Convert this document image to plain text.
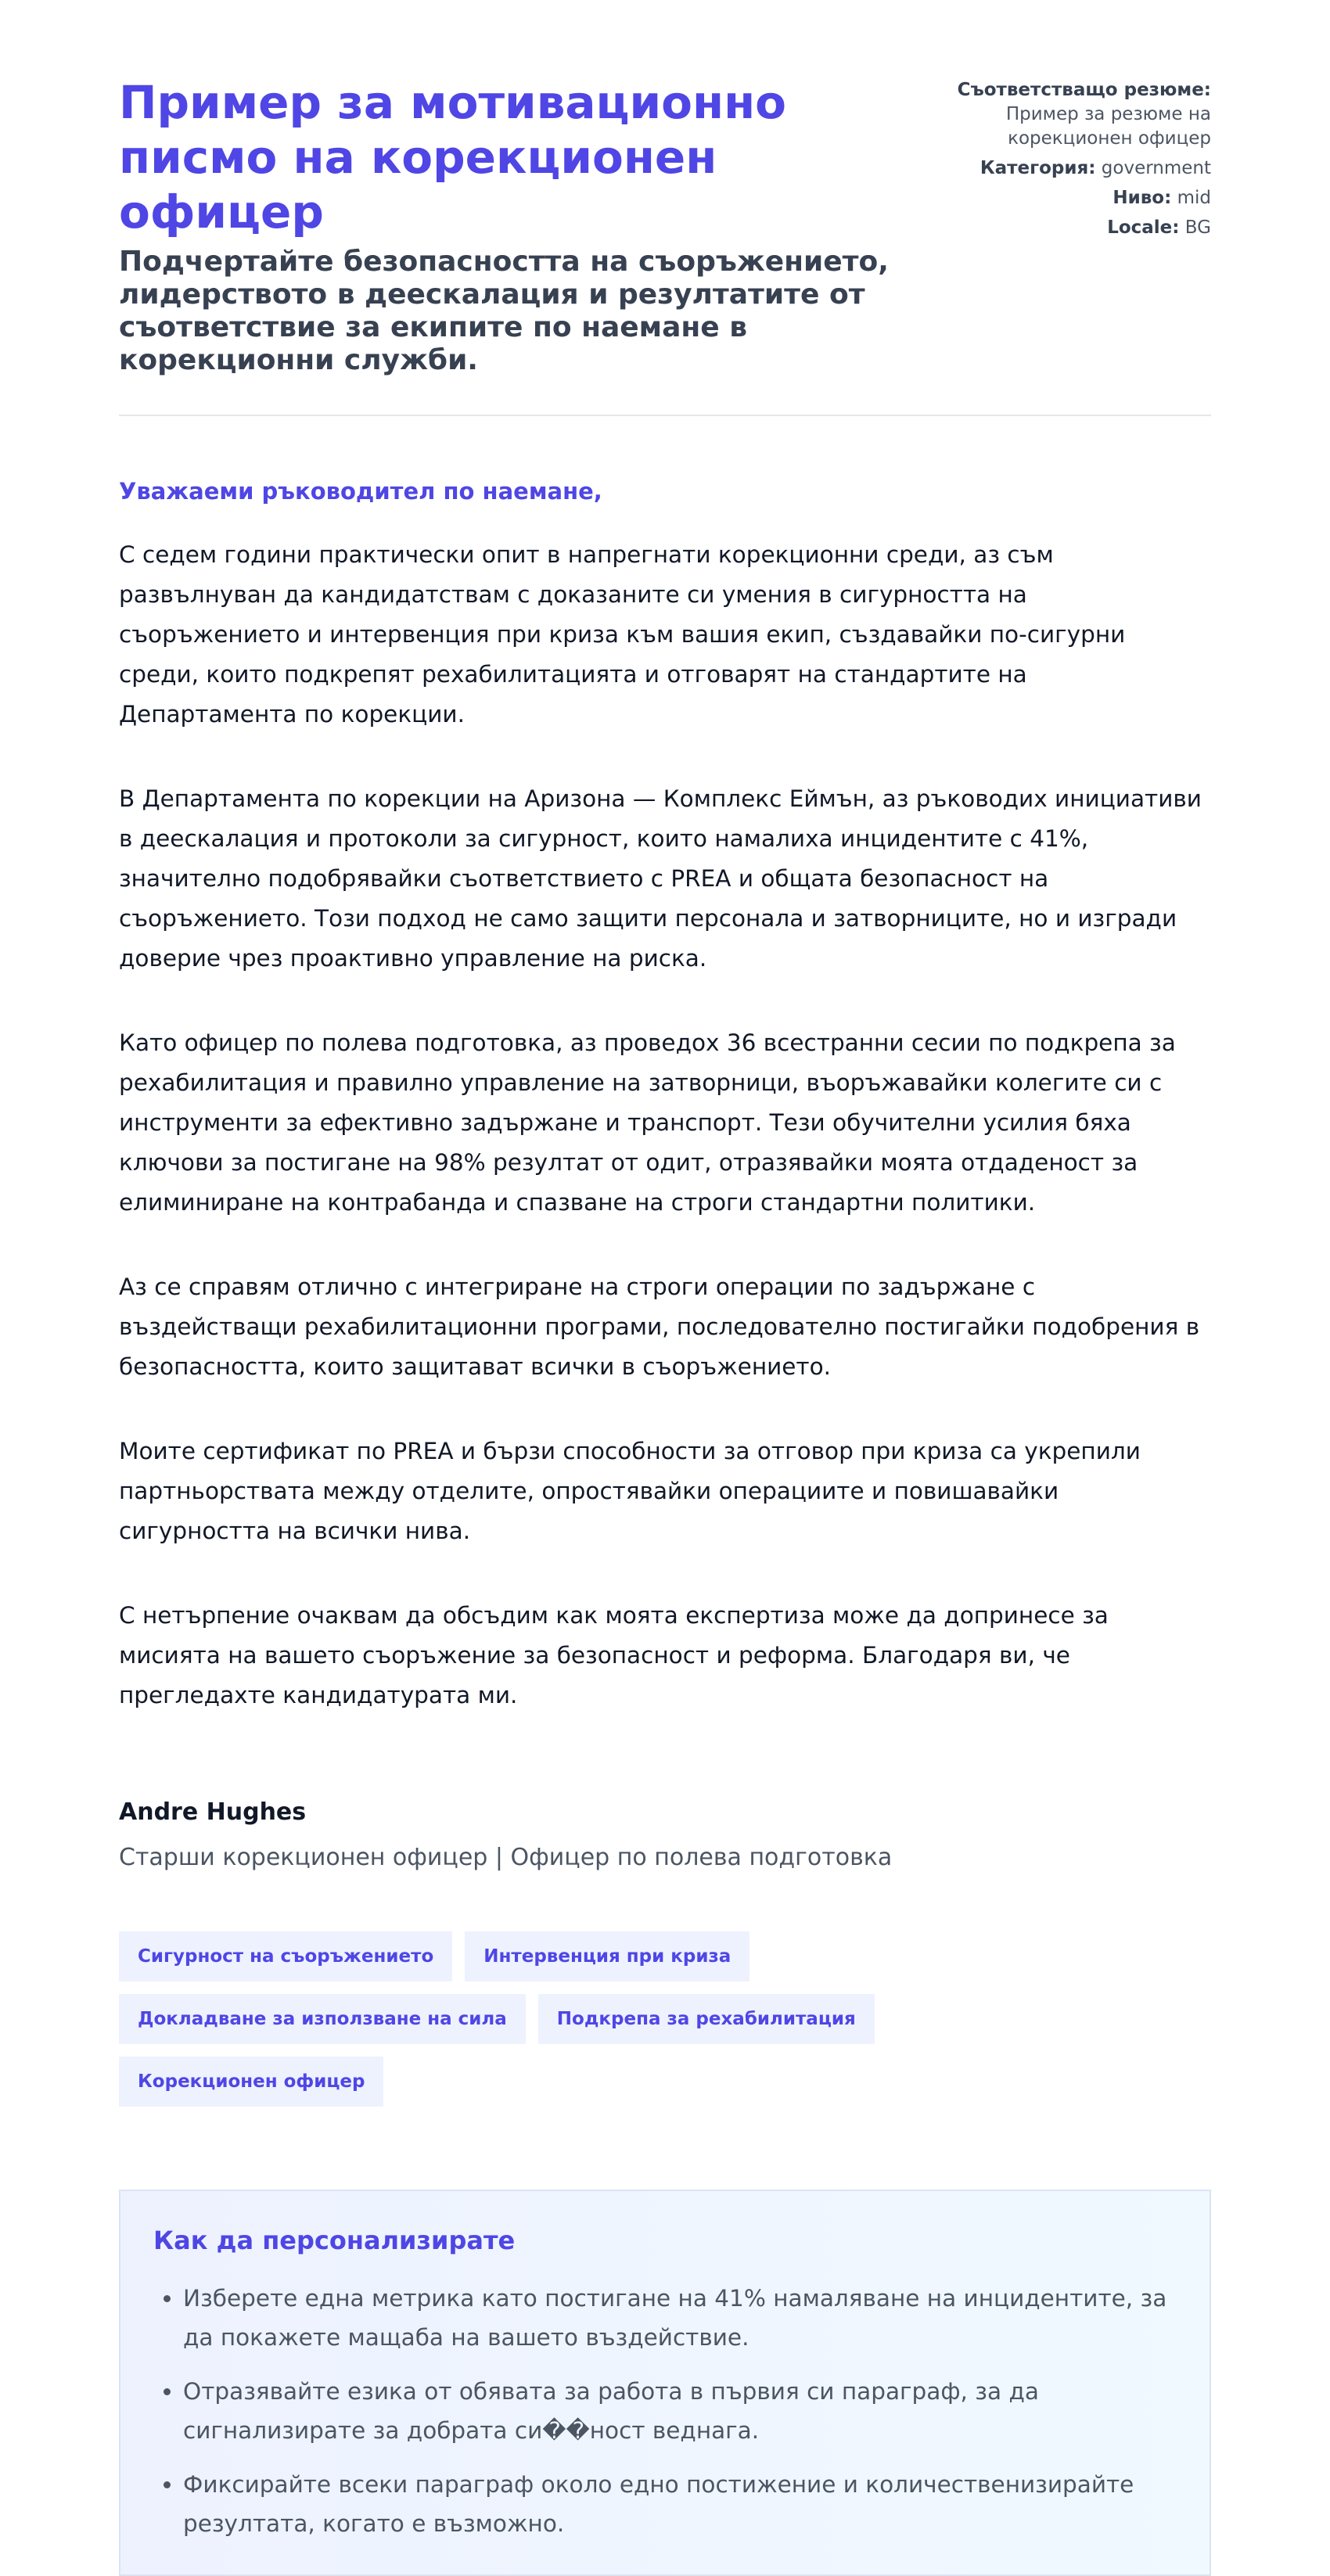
Пример за мотивационно писмо на корекционен офицер
Подчертайте безопасността на съоръжението, лидерството в деескалация и резултатите от съответствие за екипите по наемане в корекционни служби.
Съответстващо резюме:
Пример за резюме на корекционен офицер
Категория: government
Ниво: mid
Locale: BG

Уважаеми ръководител по наемане,

С седем години практически опит в напрегнати корекционни среди, аз съм развълнуван да кандидатствам с доказаните си умения в сигурността на съоръжението и интервенция при криза към вашия екип, създавайки по-сигурни среди, които подкрепят рехабилитацията и отговарят на стандартите на Департамента по корекции.

В Департамента по корекции на Аризона — Комплекс Еймън, аз ръководих инициативи в деескалация и протоколи за сигурност, които намалиха инцидентите с 41%, значително подобрявайки съответствието с PREA и общата безопасност на съоръжението. Този подход не само защити персонала и затворниците, но и изгради доверие чрез проактивно управление на риска.

Като офицер по полева подготовка, аз проведох 36 всестранни сесии по подкрепа за рехабилитация и правилно управление на затворници, въоръжавайки колегите си с инструменти за ефективно задържане и транспорт. Тези обучителни усилия бяха ключови за постигане на 98% резултат от одит, отразявайки моята отдаденост за елиминиране на контрабанда и спазване на строги стандартни политики.

Аз се справям отлично с интегриране на строги операции по задържане с въздействащи рехабилитационни програми, последователно постигайки подобрения в безопасността, които защитават всички в съоръжението.

Моите сертификат по PREA и бързи способности за отговор при криза са укрепили партньорствата между отделите, опростявайки операциите и повишавайки сигурността на всички нива.

С нетърпение очаквам да обсъдим как моята експертиза може да допринесе за мисията на вашето съоръжение за безопасност и реформа. Благодаря ви, че прегледахте кандидатурата ми.

Andre Hughes
Старши корекционен офицер | Офицер по полева подготовка
Сигурност на съоръжението	Интервенция при криза
Докладване за използване на сила	Подкрепа за рехабилитация
Корекционен офицер
Как да персонализирате
• Изберете една метрика като постигане на 41% намаляване на инцидентите, за да покажете мащаба на вашето въздействие.
• Отразявайте езика от обявата за работа в първия си параграф, за да сигнализирате за добрата си��ност веднага.
• Фиксирайте всеки параграф около едно постижение и количественизирайте резултата, когато е възможно.
